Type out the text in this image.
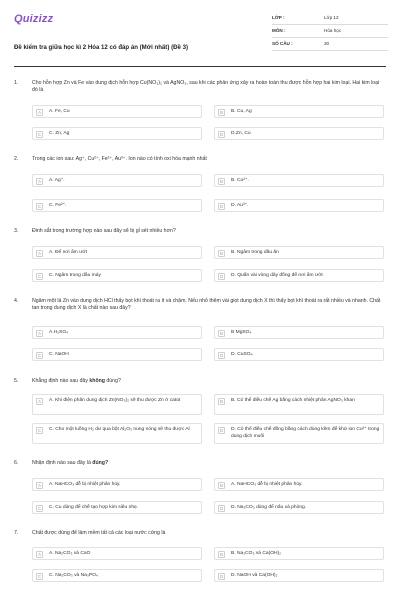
Quizizz
Đề kiểm tra giữa học kì 2 Hóa 12 có đáp án (Mới nhất) (Đề 3)
LỚP :	Lớp 12
MÔN :	Hóa học
SỐ CÂU :	30
1.	Cho hỗn hợp Zn và Fe vào dung dịch hỗn hợp Cu(NO₃)₂ và AgNO₃, sau khi các phản ứng xảy ra hoàn toàn thu được hỗn hợp hai kim loại. Hai kim loại đó là
A	A. Fe, Cu	B	B. Cu, Ag
C	C. Zn, Ag	D	D.Zn, Cu
2.	Trong các ion sau: Ag⁺, Cu²⁺, Fe²⁺, Au³⁺. Ion nào có tính oxi hóa mạnh nhất
A	A. Ag⁺.	B	B. Cu²⁺.
C	C. Fe²⁺.	D	D. Au³⁺.
3.	Đinh sắt trong trường hợp nào sau đây sẽ bị gỉ sét nhiều hơn?
A	A. Để nơi ẩm ướt	B	B. Ngâm trong dầu ăn
C	C. Ngâm trong dầu máy	D	D. Quấn vài vòng dây đồng để nơi ẩm ướt
4.	Ngâm một lá Zn vào dung dịch HCl thấy bọt khí thoát ra ít và chậm. Nếu nhỏ thêm vài giọt dung dịch X thì thấy bọt khí thoát ra rất nhiều và nhanh. Chất tan trong dung dịch X là chất nào sau đây?
A	A.H₂SO₄	B	B MgSO₄
C	C. NaOH	D	D. CuSO₄
5.	Khẳng định nào sau đây không đúng?
A	A. Khi điện phân dung dịch Zn(NO₃)₂ sẽ thu được Zn ở catot	B	B. Có thể điều chế Ag bằng cách nhiệt phân AgNO₃ khan
C	C. Cho một luồng H₂ dư qua bột Al₂O₃ nung nóng sẽ thu được Al	D	D. Có thể điều chế đồng bằng cách dùng kẽm để khử ion Cu²⁺ trong dung dịch muối
6.	Nhận định nào sau đây là đúng?
A	A. NaHCO₃ dễ bị nhiệt phân hủy.	B	A. NaHCO₃ dễ bị nhiệt phân hủy.
C	C. Cu dùng để chế tạo hợp kim siêu nhẹ.	D	D. Na₂CO₃ dùng để nấu xà phòng.
7.	Chất được dùng để làm mềm tất cả các loại nước cứng là
A	A. Na₂CO₃ và CaO	B	B. Na₂CO₃ và Ca(OH)₂
C	C. Na₂CO₃ và Na₃PO₄	D	D. NaOH và Ca(OH)₂
